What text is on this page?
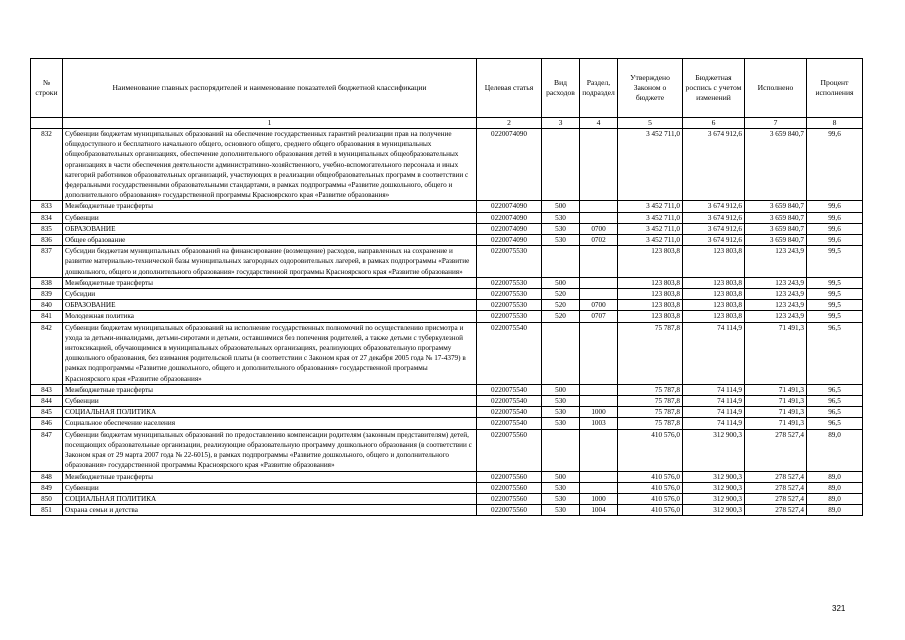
№ строки	Наименование главных распорядителей и наименование показателей бюджетной классификации	Целевая статья	Вид расходов	Раздел, подраздел	Утверждено Законом о бюджете	Бюджетная роспись с учетом изменений	Исполнено	Процент исполнения
	1	2	3	4	5	6	7	8
832	Субвенции бюджетам муниципальных образований на обеспечение государственных гарантий реализации прав на получение общедоступного и бесплатного начального общего, основного общего, среднего общего образования в муниципальных общеобразовательных организациях, обеспечение дополнительного образования детей в муниципальных общеобразовательных организациях в части обеспечения деятельности административно-хозяйственного, учебно-вспомогательного персонала и иных категорий работников образовательных организаций, участвующих в реализации общеобразовательных программ в соответствии с федеральными государственными образовательными стандартами, в рамках подпрограммы «Развитие дошкольного, общего и дополнительного образования» государственной программы Красноярского края «Развитие образования»	0220074090			3 452 711,0	3 674 912,6	3 659 840,7	99,6
833	Межбюджетные трансферты	0220074090	500		3 452 711,0	3 674 912,6	3 659 840,7	99,6
834	Субвенции	0220074090	530		3 452 711,0	3 674 912,6	3 659 840,7	99,6
835	ОБРАЗОВАНИЕ	0220074090	530	0700	3 452 711,0	3 674 912,6	3 659 840,7	99,6
836	Общее образование	0220074090	530	0702	3 452 711,0	3 674 912,6	3 659 840,7	99,6
837	Субсидии бюджетам муниципальных образований на финансирование (возмещение) расходов, направленных на сохранение и развитие материально-технической базы муниципальных загородных оздоровительных лагерей, в рамках подпрограммы «Развитие дошкольного, общего и дополнительного образования» государственной программы Красноярского края «Развитие образования»	0220075530			123 803,8	123 803,8	123 243,9	99,5
838	Межбюджетные трансферты	0220075530	500		123 803,8	123 803,8	123 243,9	99,5
839	Субсидии	0220075530	520		123 803,8	123 803,8	123 243,9	99,5
840	ОБРАЗОВАНИЕ	0220075530	520	0700	123 803,8	123 803,8	123 243,9	99,5
841	Молодежная политика	0220075530	520	0707	123 803,8	123 803,8	123 243,9	99,5
842	Субвенции бюджетам муниципальных образований на исполнение государственных полномочий по осуществлению присмотра и ухода за детьми-инвалидами, детьми-сиротами и детьми, оставшимися без попечения родителей, а также детьми с туберкулезной интоксикацией, обучающимися в муниципальных образовательных организациях, реализующих образовательную программу дошкольного образования, без взимания родительской платы (в соответствии с Законом края от 27 декабря 2005 года № 17-4379) в рамках подпрограммы «Развитие дошкольного, общего и дополнительного образования» государственной программы Красноярского края «Развитие образования»	0220075540			75 787,8	74 114,9	71 491,3	96,5
843	Межбюджетные трансферты	0220075540	500		75 787,8	74 114,9	71 491,3	96,5
844	Субвенции	0220075540	530		75 787,8	74 114,9	71 491,3	96,5
845	СОЦИАЛЬНАЯ ПОЛИТИКА	0220075540	530	1000	75 787,8	74 114,9	71 491,3	96,5
846	Социальное обеспечение населения	0220075540	530	1003	75 787,8	74 114,9	71 491,3	96,5
847	Субвенции бюджетам муниципальных образований по предоставлению компенсации родителям (законным представителям) детей, посещающих образовательные организации, реализующие образовательную программу дошкольного образования (в соответствии с Законом края от 29 марта 2007 года № 22-6015), в рамках подпрограммы «Развитие дошкольного, общего и дополнительного образования» государственной программы Красноярского края «Развитие образования»	0220075560			410 576,0	312 900,3	278 527,4	89,0
848	Межбюджетные трансферты	0220075560	500		410 576,0	312 900,3	278 527,4	89,0
849	Субвенции	0220075560	530		410 576,0	312 900,3	278 527,4	89,0
850	СОЦИАЛЬНАЯ ПОЛИТИКА	0220075560	530	1000	410 576,0	312 900,3	278 527,4	89,0
851	Охрана семьи и детства	0220075560	530	1004	410 576,0	312 900,3	278 527,4	89,0
321
